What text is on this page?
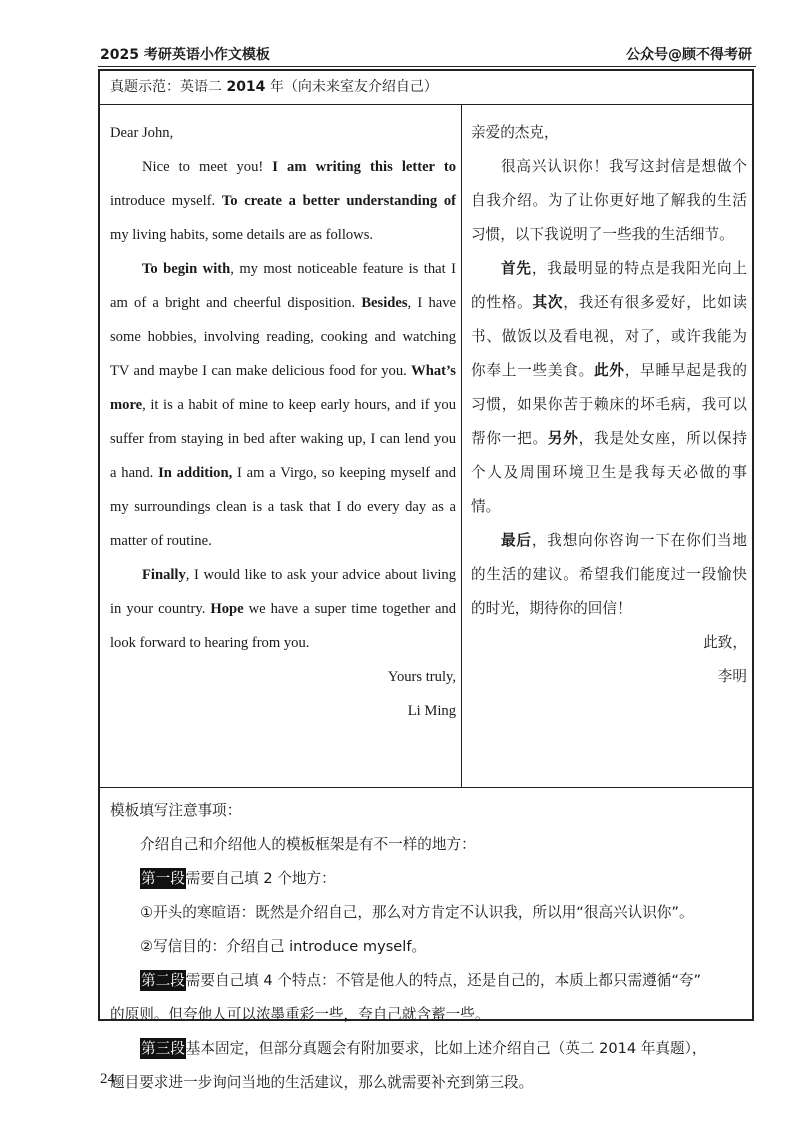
2025 考研英语小作文模板	公众号@顾不得考研
真题示范：英语二 2014 年（向未来室友介绍自己）

Dear John,

Nice to meet you! I am writing this letter to introduce myself. To create a better understanding of my living habits, some details are as follows.

To begin with, my most noticeable feature is that I am of a bright and cheerful disposition. Besides, I have some hobbies, involving reading, cooking and watching TV and maybe I can make delicious food for you. What’s more, it is a habit of mine to keep early hours, and if you suffer from staying in bed after waking up, I can lend you a hand. In addition, I am a Virgo, so keeping myself and my surroundings clean is a task that I do every day as a matter of routine.

Finally, I would like to ask your advice about living in your country. Hope we have a super time together and look forward to hearing from you.

Yours truly,

Li Ming

亲爱的杰克，

很高兴认识你！我写这封信是想做个自我介绍。为了让你更好地了解我的生活习惯，以下我说明了一些我的生活细节。

首先，我最明显的特点是我阳光向上的性格。其次，我还有很多爱好，比如读书、做饭以及看电视，对了，或许我能为你奉上一些美食。此外，早睡早起是我的习惯，如果你苦于赖床的坏毛病，我可以帮你一把。另外，我是处女座，所以保持个人及周围环境卫生是我每天必做的事情。

最后，我想向你咨询一下在你们当地的生活的建议。希望我们能度过一段愉快的时光，期待你的回信！

此致，

李明

模板填写注意事项：
介绍自己和介绍他人的模板框架是有不一样的地方：
第一段需要自己填 2 个地方：
①开头的寒暄语：既然是介绍自己，那么对方肯定不认识我，所以用“很高兴认识你”。
②写信目的：介绍自己 introduce myself。
第二段需要自己填 4 个特点：不管是他人的特点，还是自己的，本质上都只需遵循“夸”
的原则。但夸他人可以浓墨重彩一些，夸自己就含蓄一些。
第三段基本固定，但部分真题会有附加要求，比如上述介绍自己（英二 2014 年真题），
题目要求进一步询问当地的生活建议，那么就需要补充到第三段。
24
